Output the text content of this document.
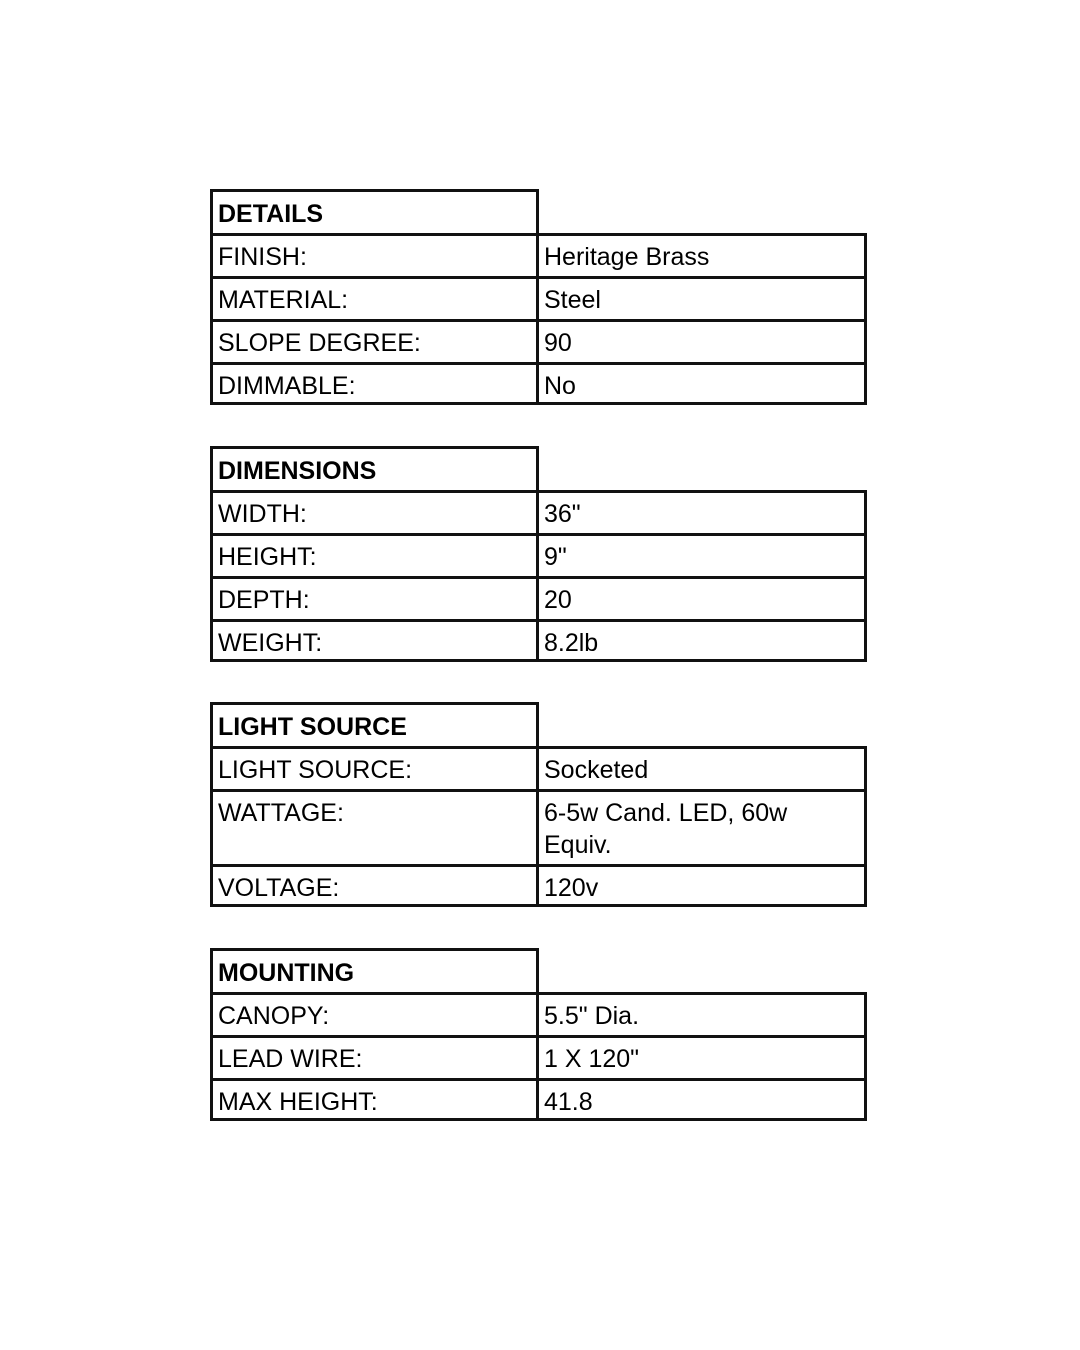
DETAILS
FINISH:	Heritage Brass
MATERIAL:	Steel
SLOPE DEGREE:	90
DIMMABLE:	No
DIMENSIONS
WIDTH:	36"
HEIGHT:	9"
DEPTH:	20
WEIGHT:	8.2lb
LIGHT SOURCE
LIGHT SOURCE:	Socketed
WATTAGE:	6-5w Cand. LED, 60w Equiv.
VOLTAGE:	120v
MOUNTING
CANOPY:	5.5" Dia.
LEAD WIRE:	1 X 120"
MAX HEIGHT:	41.8
